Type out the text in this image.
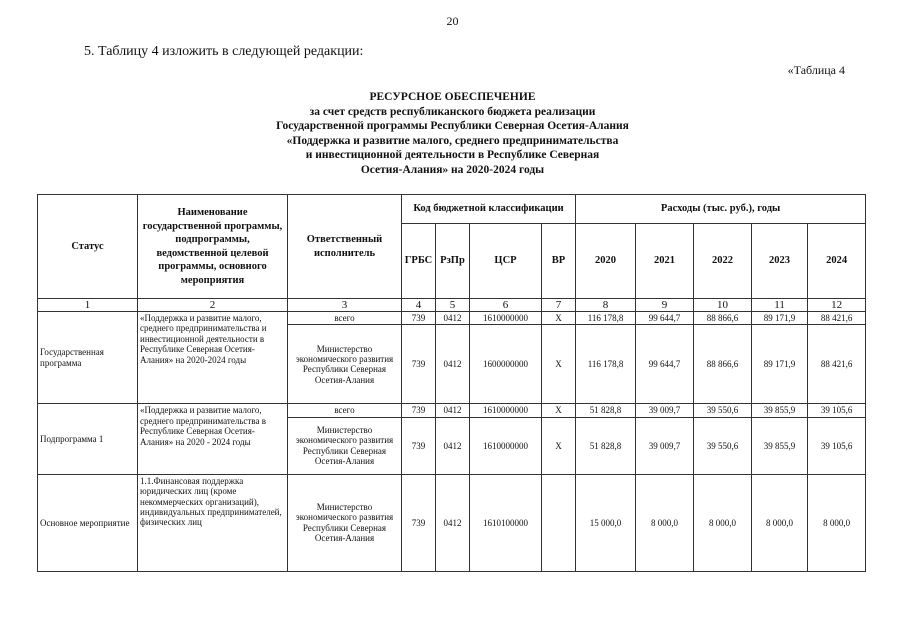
20
5. Таблицу 4 изложить в следующей редакции:
«Таблица 4
РЕСУРСНОЕ ОБЕСПЕЧЕНИЕ
за счет средств республиканского бюджета реализации
Государственной программы Республики Северная Осетия-Алания
«Поддержка и развитие малого, среднего предпринимательства
и инвестиционной деятельности в Республике Северная
Осетия-Алания» на 2020-2024 годы
Статус	Наименование государственной программы, подпрограммы, ведомственной целевой программы, основного мероприятия	Ответственный исполнитель	Код бюджетной классификации				Расходы (тыс. руб.), годы				
			ГРБС	РзПр	ЦСР	ВР	2020	2021	2022	2023	2024
1	2	3	4	5	6	7	8	9	10	11	12
Государственная программа	«Поддержка и развитие малого, среднего предпринимательства и инвестиционной деятельности в Республике Северная Осетия-Алания» на 2020-2024 годы	всего	739	0412	1610000000	X	116 178,8	99 644,7	88 866,6	89 171,9	88 421,6
		Министерство экономического развития Республики Северная Осетия-Алания	739	0412	1600000000	X	116 178,8	99 644,7	88 866,6	89 171,9	88 421,6
Подпрограмма 1	«Поддержка и развитие малого, среднего предпринимательства в Республике Северная Осетия-Алания» на 2020 - 2024 годы	всего	739	0412	1610000000	X	51 828,8	39 009,7	39 550,6	39 855,9	39 105,6
		Министерство экономического развития Республики Северная Осетия-Алания	739	0412	1610000000	X	51 828,8	39 009,7	39 550,6	39 855,9	39 105,6
Основное мероприятие	1.1.Финансовая поддержка юридических лиц (кроме некоммерческих организаций), индивидуальных предпринимателей, физических лиц	Министерство экономического развития Республики Северная Осетия-Алания	739	0412	1610100000		15 000,0	8 000,0	8 000,0	8 000,0	8 000,0
